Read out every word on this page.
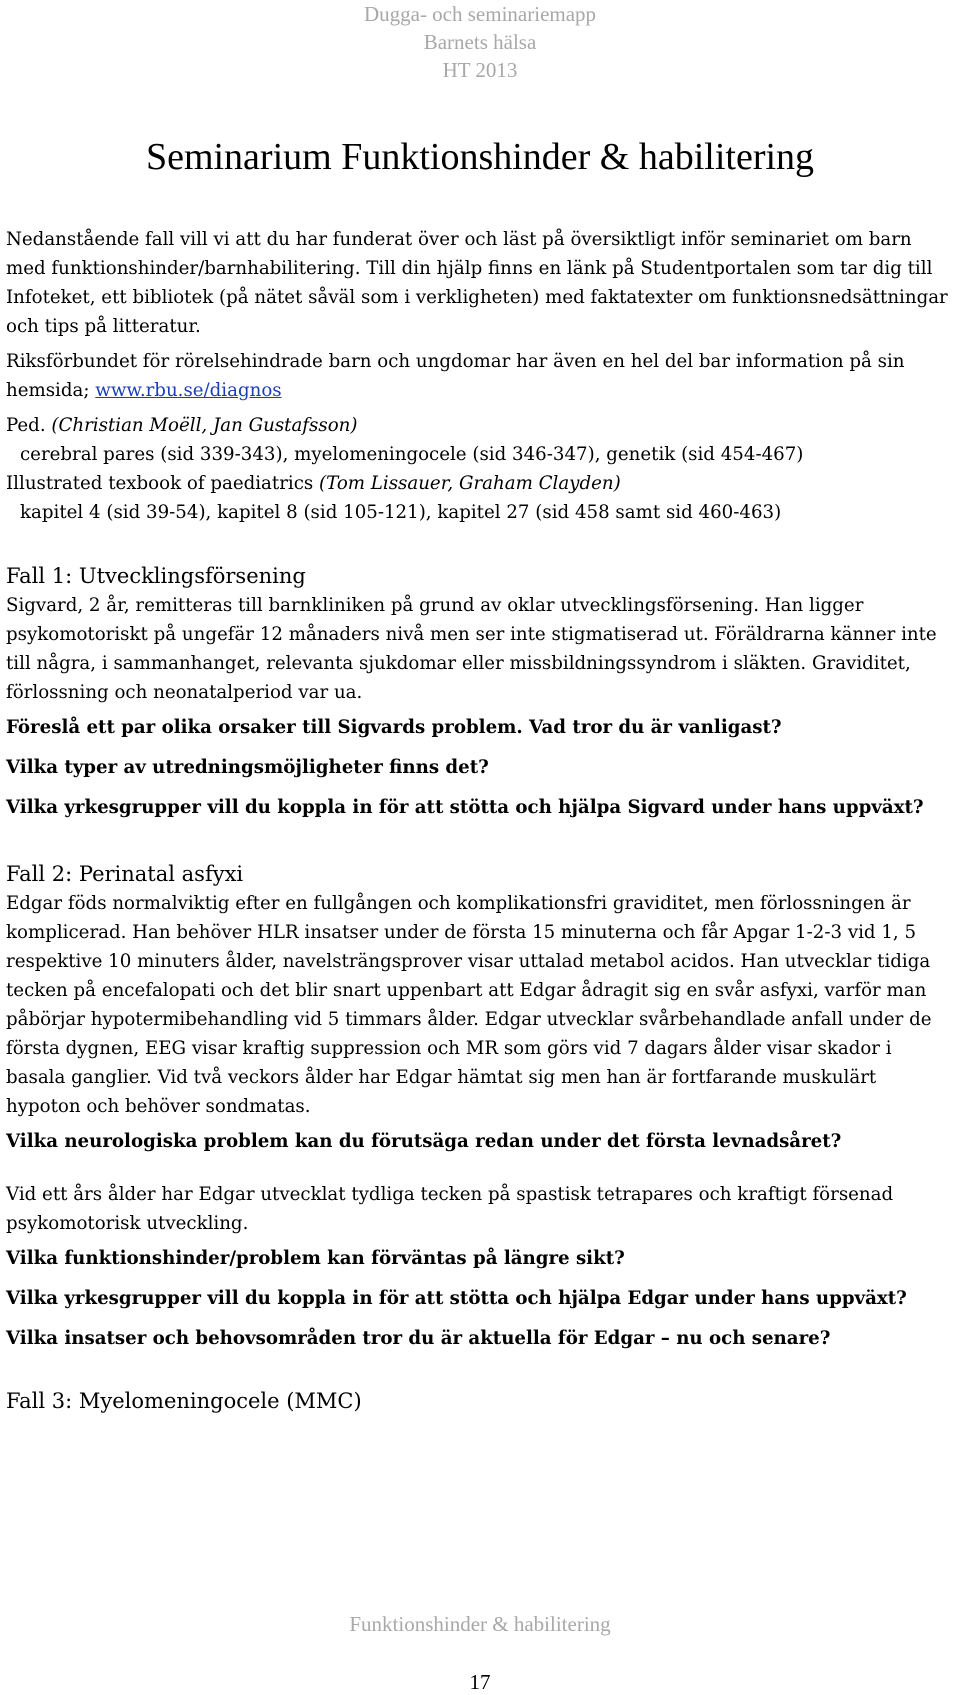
Dugga- och seminariemapp
Barnets hälsa
HT 2013
Seminarium Funktionshinder & habilitering

Nedanstående fall vill vi att du har funderat över och läst på översiktligt inför seminariet om barn med funktionshinder/barnhabilitering. Till din hjälp finns en länk på Studentportalen som tar dig till Infoteket, ett bibliotek (på nätet såväl som i verkligheten) med faktatexter om funktionsnedsättningar och tips på litteratur.

Riksförbundet för rörelsehindrade barn och ungdomar har även en hel del bar information på sin hemsida; www.rbu.se/diagnos

Ped. (Christian Moëll, Jan Gustafsson)

cerebral pares (sid 339-343), myelomeningocele (sid 346-347), genetik (sid 454-467)

Illustrated texbook of paediatrics (Tom Lissauer, Graham Clayden)

kapitel 4 (sid 39-54), kapitel 8 (sid 105-121), kapitel 27 (sid 458 samt sid 460-463)

Fall 1: Utvecklingsförsening

Sigvard, 2 år, remitteras till barnkliniken på grund av oklar utvecklingsförsening. Han ligger psykomotoriskt på ungefär 12 månaders nivå men ser inte stigmatiserad ut. Föräldrarna känner inte till några, i sammanhanget, relevanta sjukdomar eller missbildningssyndrom i släkten. Graviditet, förlossning och neonatalperiod var ua.

Föreslå ett par olika orsaker till Sigvards problem. Vad tror du är vanligast?

Vilka typer av utredningsmöjligheter finns det?

Vilka yrkesgrupper vill du koppla in för att stötta och hjälpa Sigvard under hans uppväxt?

Fall 2: Perinatal asfyxi

Edgar föds normalviktig efter en fullgången och komplikationsfri graviditet, men förlossningen är komplicerad. Han behöver HLR insatser under de första 15 minuterna och får Apgar 1-2-3 vid 1, 5 respektive 10 minuters ålder, navelsträngsprover visar uttalad metabol acidos. Han utvecklar tidiga tecken på encefalopati och det blir snart uppenbart att Edgar ådragit sig en svår asfyxi, varför man påbörjar hypotermibehandling vid 5 timmars ålder. Edgar utvecklar svårbehandlade anfall under de första dygnen, EEG visar kraftig suppression och MR som görs vid 7 dagars ålder visar skador i basala ganglier. Vid två veckors ålder har Edgar hämtat sig men han är fortfarande muskulärt hypoton och behöver sondmatas.

Vilka neurologiska problem kan du förutsäga redan under det första levnadsåret?

Vid ett års ålder har Edgar utvecklat tydliga tecken på spastisk tetrapares och kraftigt försenad psykomotorisk utveckling.

Vilka funktionshinder/problem kan förväntas på längre sikt?

Vilka yrkesgrupper vill du koppla in för att stötta och hjälpa Edgar under hans uppväxt?

Vilka insatser och behovsområden tror du är aktuella för Edgar – nu och senare?

Fall 3: Myelomeningocele (MMC)
Funktionshinder & habilitering
17
